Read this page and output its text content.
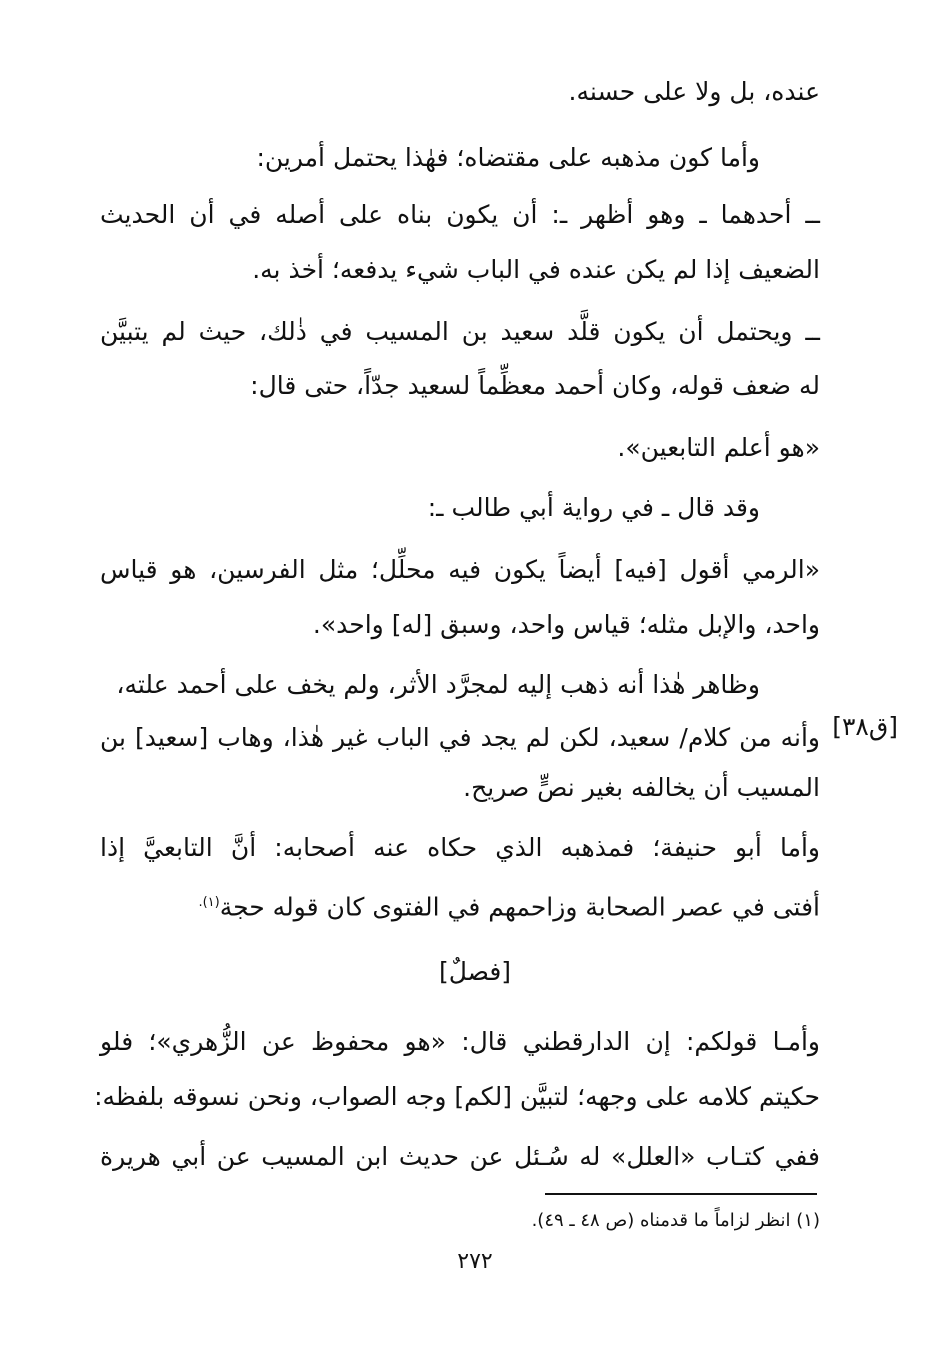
عنده، بل ولا على حسنه.
وأما كون مذهبه على مقتضاه؛ فهٰذا يحتمل أمرين:
ــ أحدهما ـ وهو أظهر ـ: أن يكون بناه على أصله في أن الحديث
الضعيف إذا لم يكن عنده في الباب شيء يدفعه؛ أخذ به.
ــ ويحتمل أن يكون قلَّد سعيد بن المسيب في ذٰلك، حيث لم يتبيَّن
له ضعف قوله، وكان أحمد معظِّماً لسعيد جدّاً، حتى قال:
«هو أعلم التابعين».
وقد قال ـ في رواية أبي طالب ـ:
«الرمي أقول [فيه] أيضاً يكون فيه محلِّل؛ مثل الفرسين، هو قياس
واحد، والإبل مثله؛ قياس واحد، وسبق [له] واحد».
وظاهر هٰذا أنه ذهب إليه لمجرَّد الأثر، ولم يخف على أحمد علته،
وأنه من كلام/ سعيد، لكن لم يجد في الباب غير هٰذا، وهاب [سعيد] بن [ق٣٨]
المسيب أن يخالفه بغير نصٍّ صريح.
وأما أبو حنيفة؛ فمذهبه الذي حكاه عنه أصحابه: أنَّ التابعيَّ إذا
أفتى في عصر الصحابة وزاحمهم في الفتوى كان قوله حجة$^{(١).}$
[فصلٌ]
وأمـا قولكم: إن الدارقطني قال: «هو محفوظ عن الزُّهري»؛ فلو
حكيتم كلامه على وجهه؛ لتبيَّن [لكم] وجه الصواب، ونحن نسوقه بلفظه:
ففي كتـاب «العلل» له سُـئل عن حديث ابن المسيب عن أبي هريرة
(١) انظر لزاماً ما قدمناه (ص ٤٨ ـ ٤٩).
٢٧٢
